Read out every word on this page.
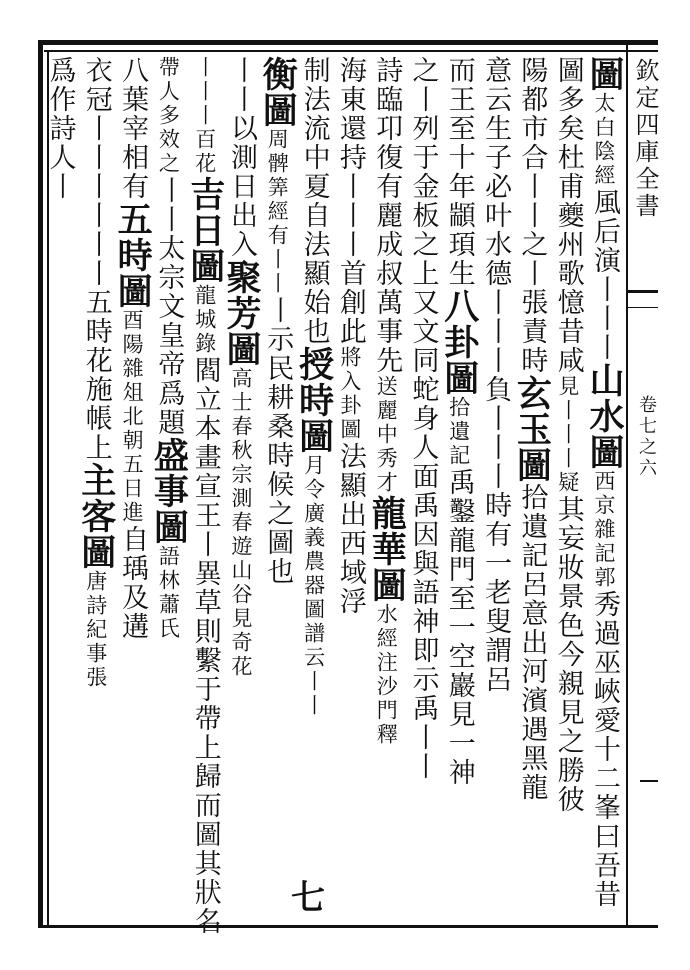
欽定四庫全書
卷七之六
圖太白陰經風后演丨丨丨山水圖西京雜記郭秀過巫峽愛十二峯曰吾昔
圖多矣杜甫夔州歌憶昔咸見丨丨丨疑其妄妝景色今親見之勝彼
陽都市合丨丨之丨張責時玄玉圖拾遺記呂意出河濱遇黑龍
意云生子必叶水德丨丨丨負丨丨丨時有一老叟謂呂
而王至十年顓頊生八卦圖拾遺記禹鑿龍門至一空巖見一神
之丨列于金板之上又文同蛇身人面禹因與語神即示禹丨丨
詩臨卭復有麗成叔萬事先送麗中秀才龍華圖水經注沙門釋
海東還持丨丨丨首創此將入卦圖法顯出西域浮
制法流中夏自法顯始也授時圖月令廣義農器圖譜云丨丨
衡圖周髀筭經有丨丨丨示民耕桑時候之圖也
丨丨以測日出入聚芳圖高士春秋宗測春遊山谷見奇花
丨丨丨百花吉日圖龍城錄閻立本畫宣王丨異草則繫于帶上歸而圖其狀名
帶人多效之丨丨太宗文皇帝爲題盛事圖語林蕭氏
八葉宰相有五時圖酉陽雜俎北朝五日進自瑀及遘
衣冠丨丨丨丨丨丨五時花施帳上主客圖唐詩紀事張
爲作詩人丨
七
